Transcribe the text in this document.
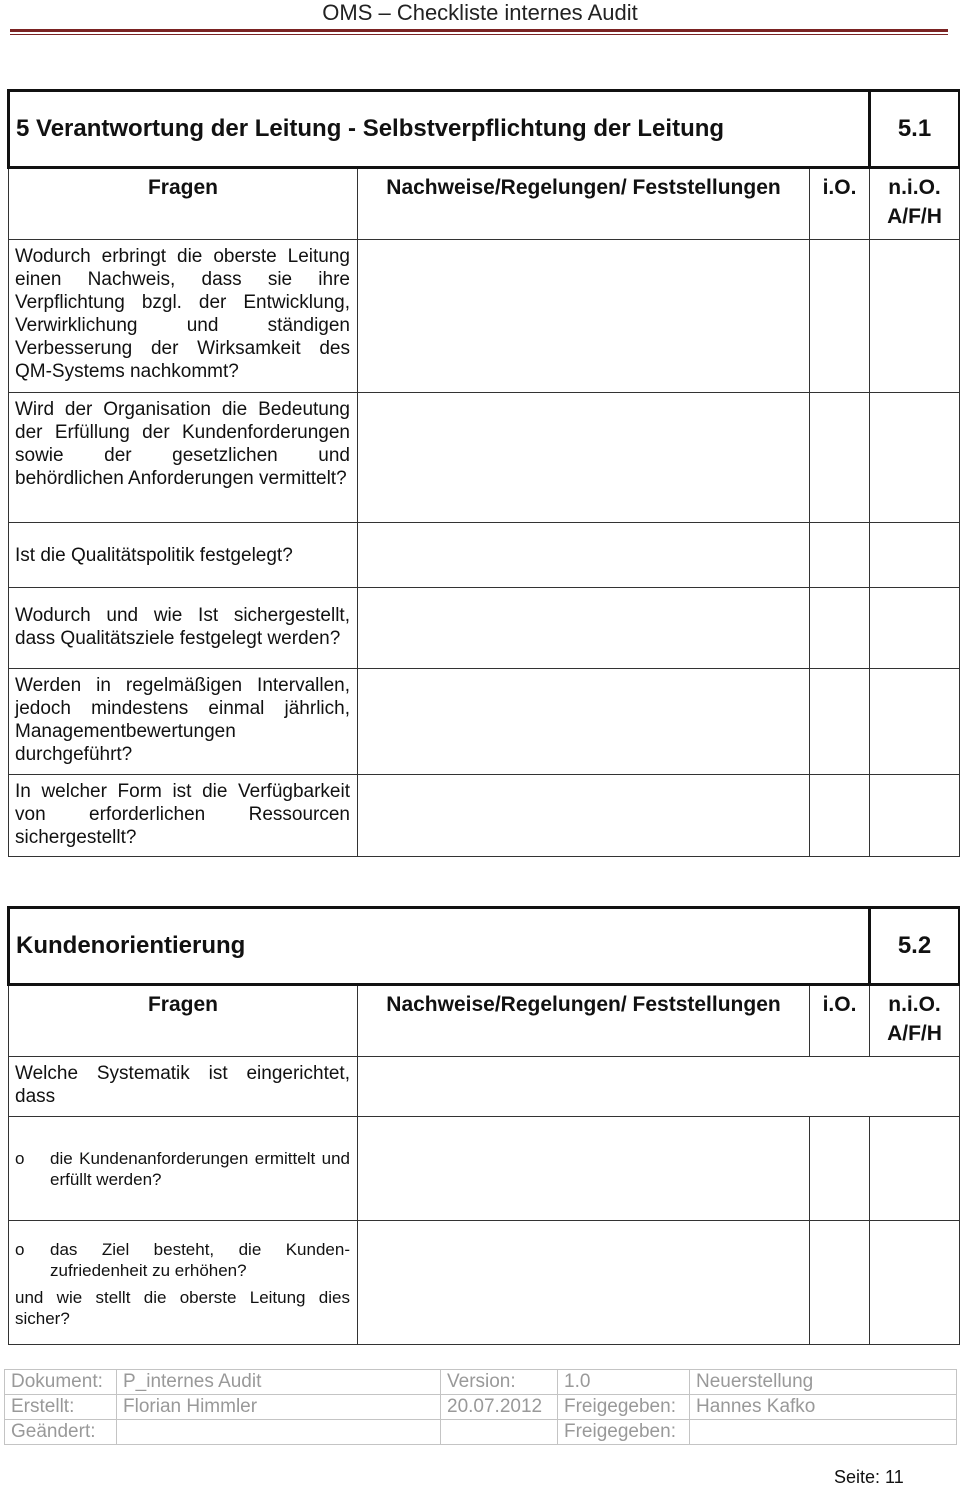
OMS – Checkliste internes Audit
5 Verantwortung der Leitung - Selbstverpflichtung der Leitung			5.1
Fragen	Nachweise/Regelungen/ Feststellungen	i.O.	n.i.O. A/F/H
Wodurch erbringt die oberste Leitung einen Nachweis, dass sie ihre Verpflichtung bzgl. der Entwicklung, Verwirklichung und ständigen Verbesserung der Wirksamkeit des QM-Systems nachkommt?			
Wird der Organisation die Bedeutung der Erfüllung der Kundenforderungen sowie der gesetzlichen und behördlichen Anforderungen vermittelt?			
Ist die Qualitätspolitik festgelegt?			
Wodurch und wie Ist sichergestellt, dass Qualitätsziele festgelegt werden?			
Werden in regelmäßigen Intervallen, jedoch mindestens einmal jährlich, Managementbewertungen durchgeführt?			
In welcher Form ist die Verfügbarkeit von erforderlichen Ressourcen sichergestellt?			
Kundenorientierung			5.2
Fragen	Nachweise/Regelungen/ Feststellungen	i.O.	n.i.O. A/F/H
Welche Systematik ist eingerichtet, dass			

o die Kundenanforderungen ermittelt und erfüllt werden?			

o das Ziel besteht, die Kunden-zufriedenheit zu erhöhen?
und wie stellt die oberste Leitung dies sicher?			

Dokument:	P_internes Audit	Version:	1.0	Neuerstellung
Erstellt:	Florian Himmler	20.07.2012	Freigegeben:	Hannes Kafko
Geändert:			Freigegeben:	
Seite: 11
